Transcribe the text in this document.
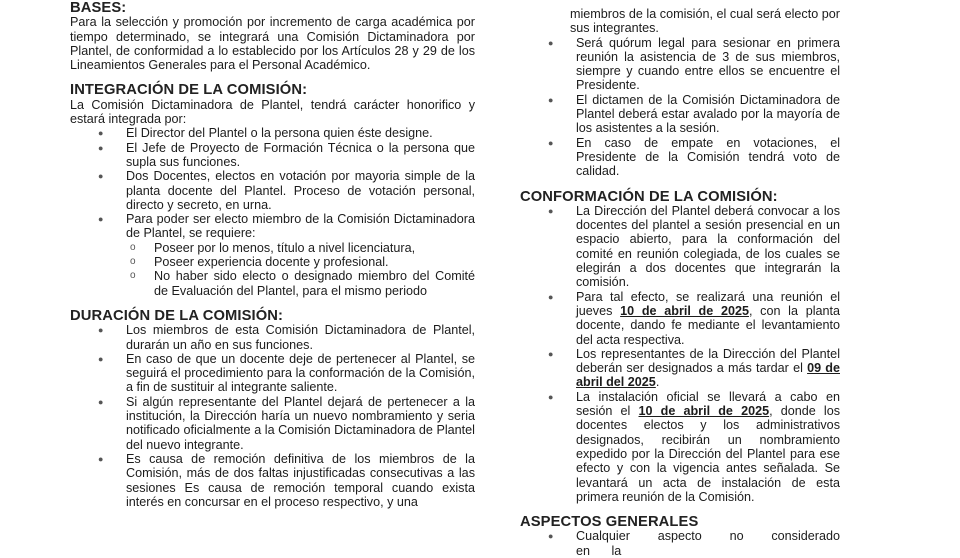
BASES:

Para la selección y promoción por incremento de carga académica por tiempo determinado, se integrará una Comisión Dictaminadora por Plantel, de conformidad a lo establecido por los Artículos 28 y 29 de los Lineamientos Generales para el Personal Académico.

INTEGRACIÓN DE LA COMISIÓN:

La Comisión Dictaminadora de Plantel, tendrá carácter honorifico y estará integrada por:

● El Director del Plantel o la persona quien éste designe.
● El Jefe de Proyecto de Formación Técnica o la persona que supla sus funciones.
● Dos Docentes, electos en votación por mayoria simple de la planta docente del Plantel. Proceso de votación personal, directo y secreto, en urna.
● Para poder ser electo miembro de la Comisión Dictaminadora de Plantel, se requiere:
o Poseer por lo menos, título a nivel licenciatura,
o Poseer experiencia docente y profesional.
o No haber sido electo o designado miembro del Comité de Evaluación del Plantel, para el mismo periodo
DURACIÓN DE LA COMISIÓN:
● Los miembros de esta Comisión Dictaminadora de Plantel, durarán un año en sus funciones.
● En caso de que un docente deje de pertenecer al Plantel, se seguirá el procedimiento para la conformación de la Comisión, a fin de sustituir al integrante saliente.
● Si algún representante del Plantel dejará de pertenecer a la institución, la Dirección haría un nuevo nombramiento y seria notificado oficialmente a la Comisión Dictaminadora de Plantel del nuevo integrante.
● Es causa de remoción definitiva de los miembros de la Comisión, más de dos faltas injustificadas consecutivas a las sesiones Es causa de remoción temporal cuando exista interés en concursar en el proceso respectivo, y una

miembros de la comisión, el cual será electo por sus integrantes.

● Será quórum legal para sesionar en primera reunión la asistencia de 3 de sus miembros, siempre y cuando entre ellos se encuentre el Presidente.
● El dictamen de la Comisión Dictaminadora de Plantel deberá estar avalado por la mayoría de los asistentes a la sesión.
● En caso de empate en votaciones, el Presidente de la Comisión tendrá voto de calidad.
CONFORMACIÓN DE LA COMISIÓN:
● La Dirección del Plantel deberá convocar a los docentes del plantel a sesión presencial en un espacio abierto, para la conformación del comité en reunión colegiada, de los cuales se elegirán a dos docentes que integrarán la comisión.
● Para tal efecto, se realizará una reunión el jueves 10 de abril de 2025, con la planta docente, dando fe mediante el levantamiento del acta respectiva.
● Los representantes de la Dirección del Plantel deberán ser designados a más tardar el 09 de abril del 2025.
● La instalación oficial se llevará a cabo en sesión el 10 de abril de 2025, donde los docentes electos y los administrativos designados, recibirán un nombramiento expedido por la Dirección del Plantel para ese efecto y con la vigencia antes señalada. Se levantará un acta de instalación de esta primera reunión de la Comisión.
ASPECTOS GENERALES
● Cualquier aspecto no considerado en la
